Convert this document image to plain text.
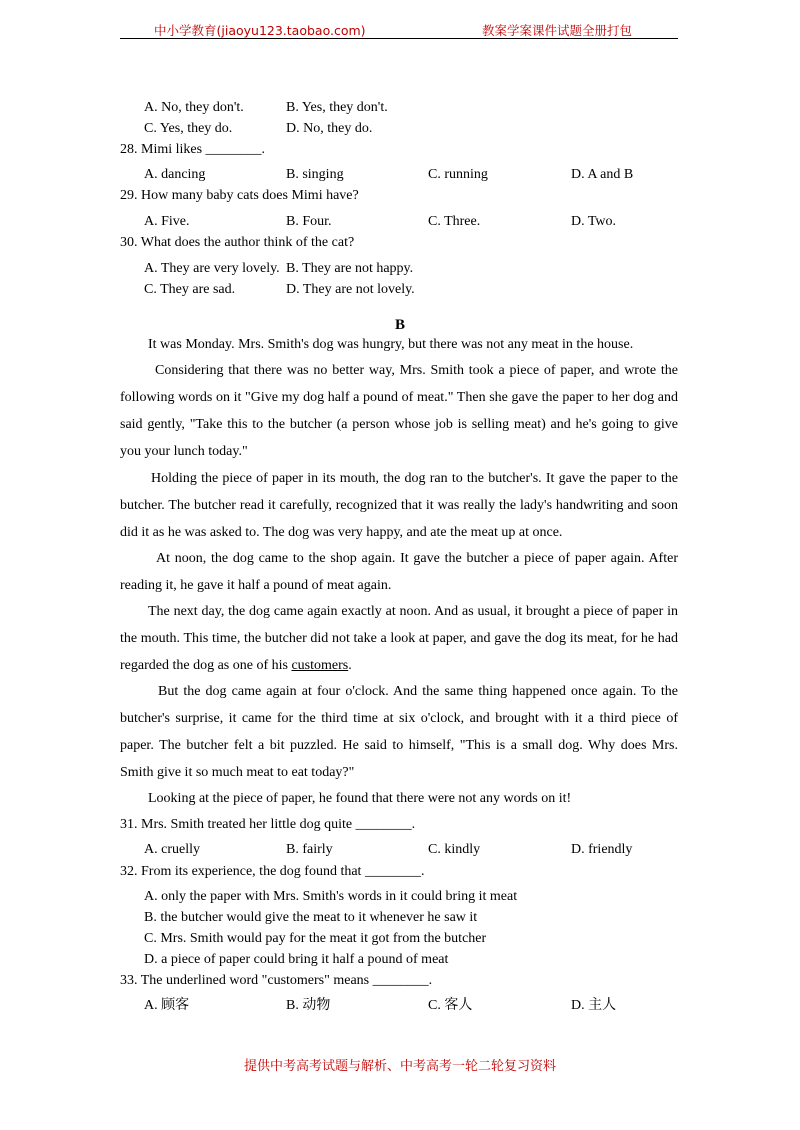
中小学教育(jiaoyu123.taobao.com)	教案学案课件试题全册打包
A. No, they don't.	B. Yes, they don't.
C. Yes, they do.	D. No, they do.
28. Mimi likes ________.
A. dancing	B. singing	C. running	D. A and B
29. How many baby cats does Mimi have?
A. Five.	B. Four.	C. Three.	D. Two.
30. What does the author think of the cat?
A. They are very lovely. B. They are not happy.
C. They are sad.	D. They are not lovely.
B
It was Monday. Mrs. Smith's dog was hungry, but there was not any meat in the house.
Considering that there was no better way, Mrs. Smith took a piece of paper, and wrote the following words on it "Give my dog half a pound of meat." Then she gave the paper to her dog and said gently, "Take this to the butcher (a person whose job is selling meat) and he's going to give you your lunch today."
Holding the piece of paper in its mouth, the dog ran to the butcher's. It gave the paper to the butcher. The butcher read it carefully, recognized that it was really the lady's handwriting and soon did it as he was asked to. The dog was very happy, and ate the meat up at once.
At noon, the dog came to the shop again. It gave the butcher a piece of paper again. After reading it, he gave it half a pound of meat again.
The next day, the dog came again exactly at noon. And as usual, it brought a piece of paper in the mouth. This time, the butcher did not take a look at paper, and gave the dog its meat, for he had regarded the dog as one of his customers.
But the dog came again at four o'clock. And the same thing happened once again. To the butcher's surprise, it came for the third time at six o'clock, and brought with it a third piece of paper. The butcher felt a bit puzzled. He said to himself, "This is a small dog. Why does Mrs. Smith give it so much meat to eat today?"
Looking at the piece of paper, he found that there were not any words on it!
31. Mrs. Smith treated her little dog quite ________.
A. cruelly	B. fairly	C. kindly	D. friendly
32. From its experience, the dog found that ________.
A. only the paper with Mrs. Smith's words in it could bring it meat
B. the butcher would give the meat to it whenever he saw it
C. Mrs. Smith would pay for the meat it got from the butcher
D. a piece of paper could bring it half a pound of meat
33. The underlined word "customers" means ________.
A. 顾客	B. 动物	C. 客人	D. 主人
提供中考高考试题与解析、中考高考一轮二轮复习资料
